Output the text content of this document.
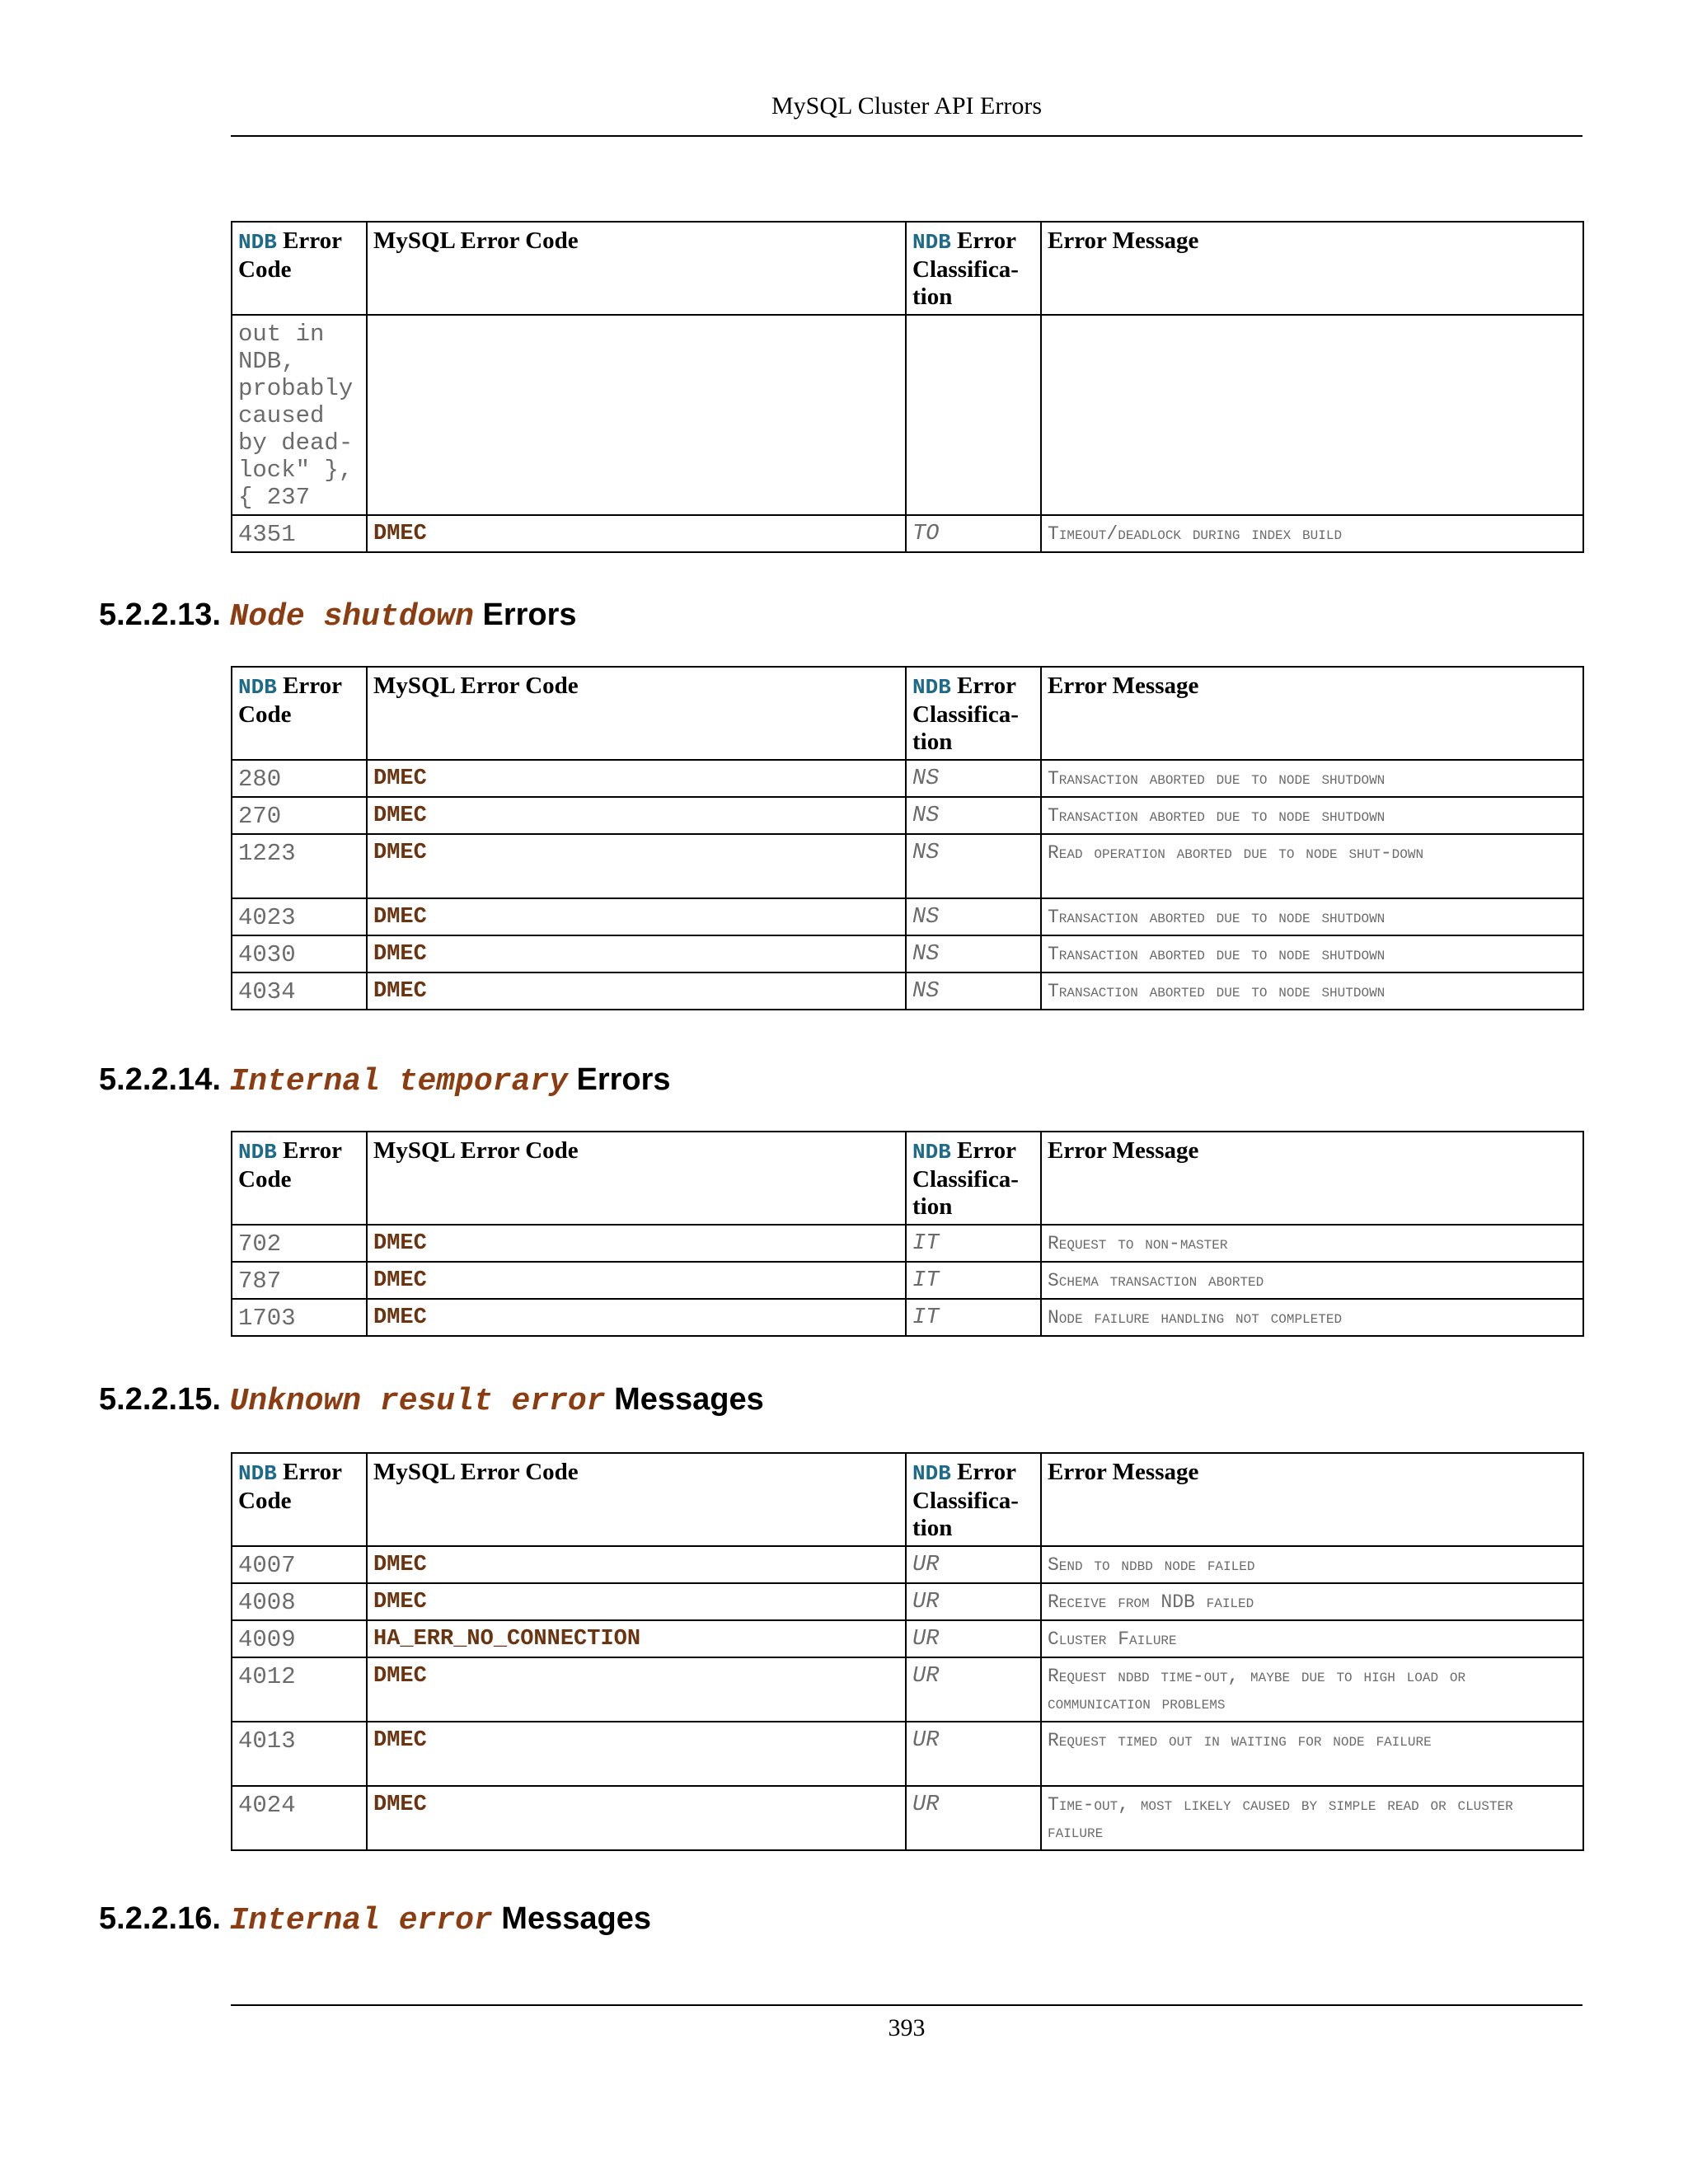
MySQL Cluster API Errors
NDB Error Code	MySQL Error Code	NDB Error Classifica-tion	Error Message
out in NDB, probably caused by dead-lock" }, { 237			
4351	DMEC	TO	Timeout/deadlock during index build
5.2.2.13. Node shutdown Errors
NDB Error Code	MySQL Error Code	NDB Error Classifica-tion	Error Message
280	DMEC	NS	Transaction aborted due to node shutdown
270	DMEC	NS	Transaction aborted due to node shutdown
1223	DMEC	NS	Read operation aborted due to node shut-down
4023	DMEC	NS	Transaction aborted due to node shutdown
4030	DMEC	NS	Transaction aborted due to node shutdown
4034	DMEC	NS	Transaction aborted due to node shutdown
5.2.2.14. Internal temporary Errors
NDB Error Code	MySQL Error Code	NDB Error Classifica-tion	Error Message
702	DMEC	IT	Request to non-master
787	DMEC	IT	Schema transaction aborted
1703	DMEC	IT	Node failure handling not completed
5.2.2.15. Unknown result error Messages
NDB Error Code	MySQL Error Code	NDB Error Classifica-tion	Error Message
4007	DMEC	UR	Send to ndbd node failed
4008	DMEC	UR	Receive from NDB failed
4009	HA_ERR_NO_CONNECTION	UR	Cluster Failure
4012	DMEC	UR	Request ndbd time-out, maybe due to high load or communication problems
4013	DMEC	UR	Request timed out in waiting for node failure
4024	DMEC	UR	Time-out, most likely caused by simple read or cluster failure
5.2.2.16. Internal error Messages
393
